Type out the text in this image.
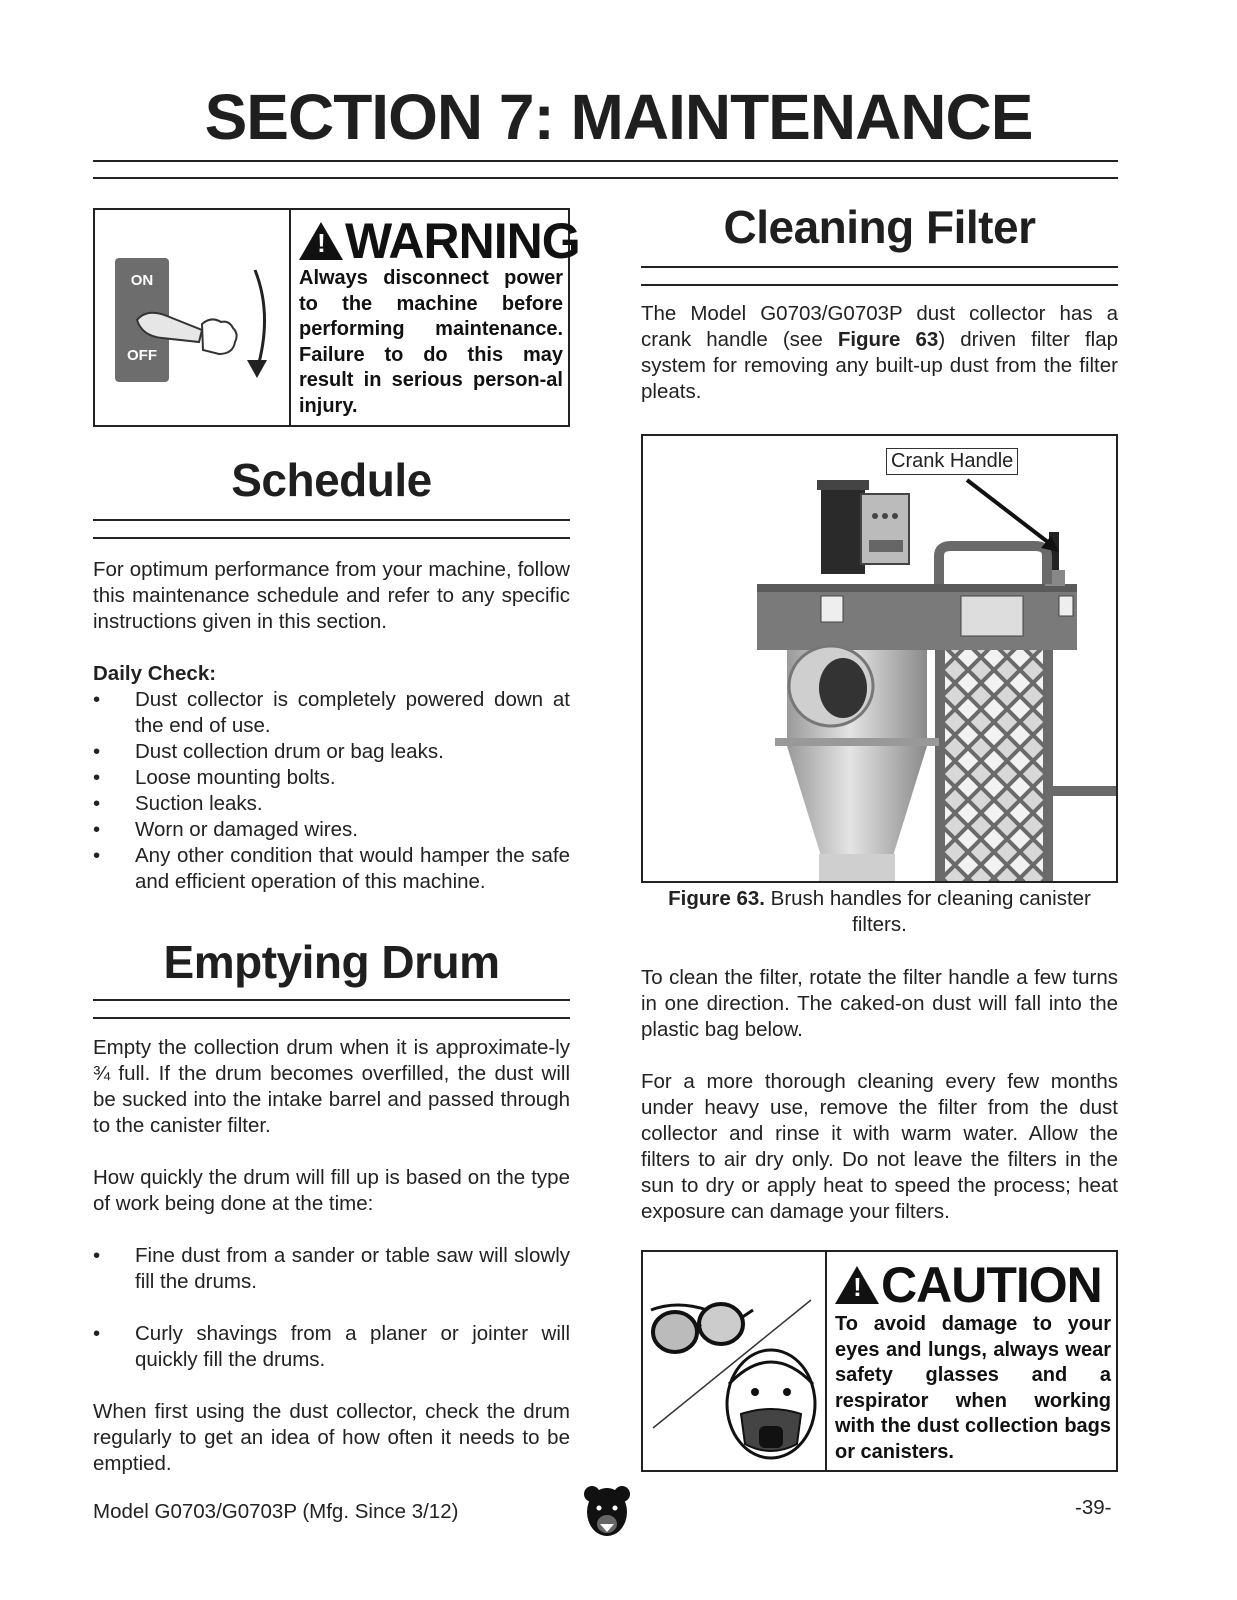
SECTION 7: MAINTENANCE
ON
OFF
! WARNING
Always disconnect power to the machine before performing maintenance. Failure to do this may result in serious person-al injury.
Schedule

For optimum performance from your machine, follow this maintenance schedule and refer to any specific instructions given in this section.

Daily Check:
• Dust collector is completely powered down at the end of use.
• Dust collection drum or bag leaks.
• Loose mounting bolts.
• Suction leaks.
• Worn or damaged wires.
• Any other condition that would hamper the safe and efficient operation of this machine.
Emptying Drum

Empty the collection drum when it is approximate-ly ¾ full. If the drum becomes overfilled, the dust will be sucked into the intake barrel and passed through to the canister filter.

How quickly the drum will fill up is based on the type of work being done at the time:

• Fine dust from a sander or table saw will slowly fill the drums.
• Curly shavings from a planer or jointer will quickly fill the drums.

When first using the dust collector, check the drum regularly to get an idea of how often it needs to be emptied.

Cleaning Filter
The Model G0703/G0703P dust collector has a crank handle (see Figure 63) driven filter flap system for removing any built-up dust from the filter pleats.
Crank Handle
Figure 63. Brush handles for cleaning canister filters.

To clean the filter, rotate the filter handle a few turns in one direction. The caked-on dust will fall into the plastic bag below.

For a more thorough cleaning every few months under heavy use, remove the filter from the dust collector and rinse it with warm water. Allow the filters to air dry only. Do not leave the filters in the sun to dry or apply heat to speed the process; heat exposure can damage your filters.

! CAUTION
To avoid damage to your eyes and lungs, always wear safety glasses and a respirator when working with the dust collection bags or canisters.
Model G0703/G0703P (Mfg. Since 3/12)	-39-
